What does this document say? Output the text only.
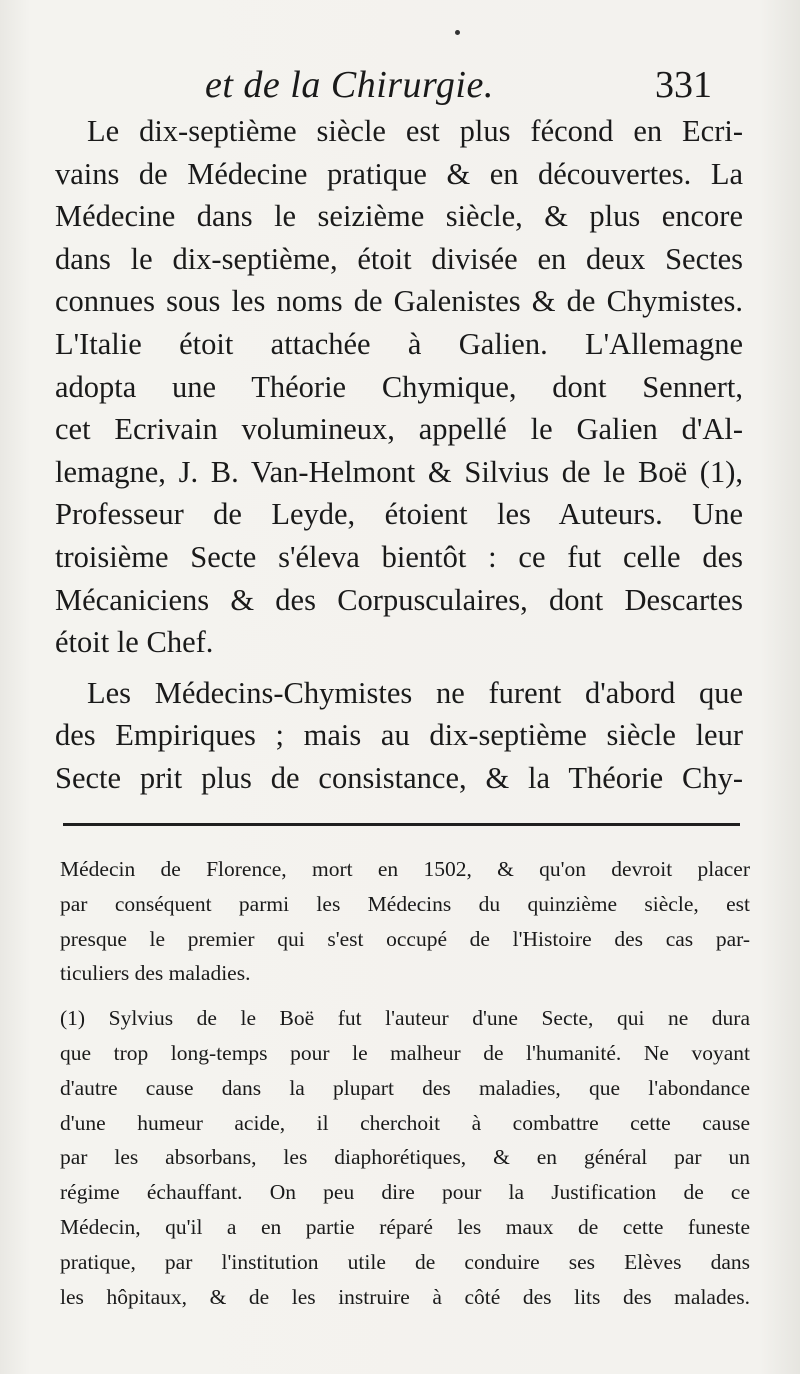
et de la Chirurgie.	331
Le dix-septième siècle est plus fécond en Ecri-
vains de Médecine pratique & en découvertes. La
Médecine dans le seizième siècle, & plus encore
dans le dix-septième, étoit divisée en deux Sectes
connues sous les noms de Galenistes & de Chymistes.
L'Italie étoit attachée à Galien. L'Allemagne
adopta une Théorie Chymique, dont Sennert,
cet Ecrivain volumineux, appellé le Galien d'Al-
lemagne, J. B. Van-Helmont & Silvius de le Boë (1),
Professeur de Leyde, étoient les Auteurs. Une
troisième Secte s'éleva bientôt : ce fut celle des
Mécaniciens & des Corpusculaires, dont Descartes
étoit le Chef.
Les Médecins-Chymistes ne furent d'abord que
des Empiriques ; mais au dix-septième siècle leur
Secte prit plus de consistance, & la Théorie Chy-
Médecin de Florence, mort en 1502, & qu'on devroit placer
par conséquent parmi les Médecins du quinzième siècle, est
presque le premier qui s'est occupé de l'Histoire des cas par-
ticuliers des maladies.
(1) Sylvius de le Boë fut l'auteur d'une Secte, qui ne dura
que trop long-temps pour le malheur de l'humanité. Ne voyant
d'autre cause dans la plupart des maladies, que l'abondance
d'une humeur acide, il cherchoit à combattre cette cause
par les absorbans, les diaphorétiques, & en général par un
régime échauffant. On peu dire pour la Justification de ce
Médecin, qu'il a en partie réparé les maux de cette funeste
pratique, par l'institution utile de conduire ses Elèves dans
les hôpitaux, & de les instruire à côté des lits des malades.
